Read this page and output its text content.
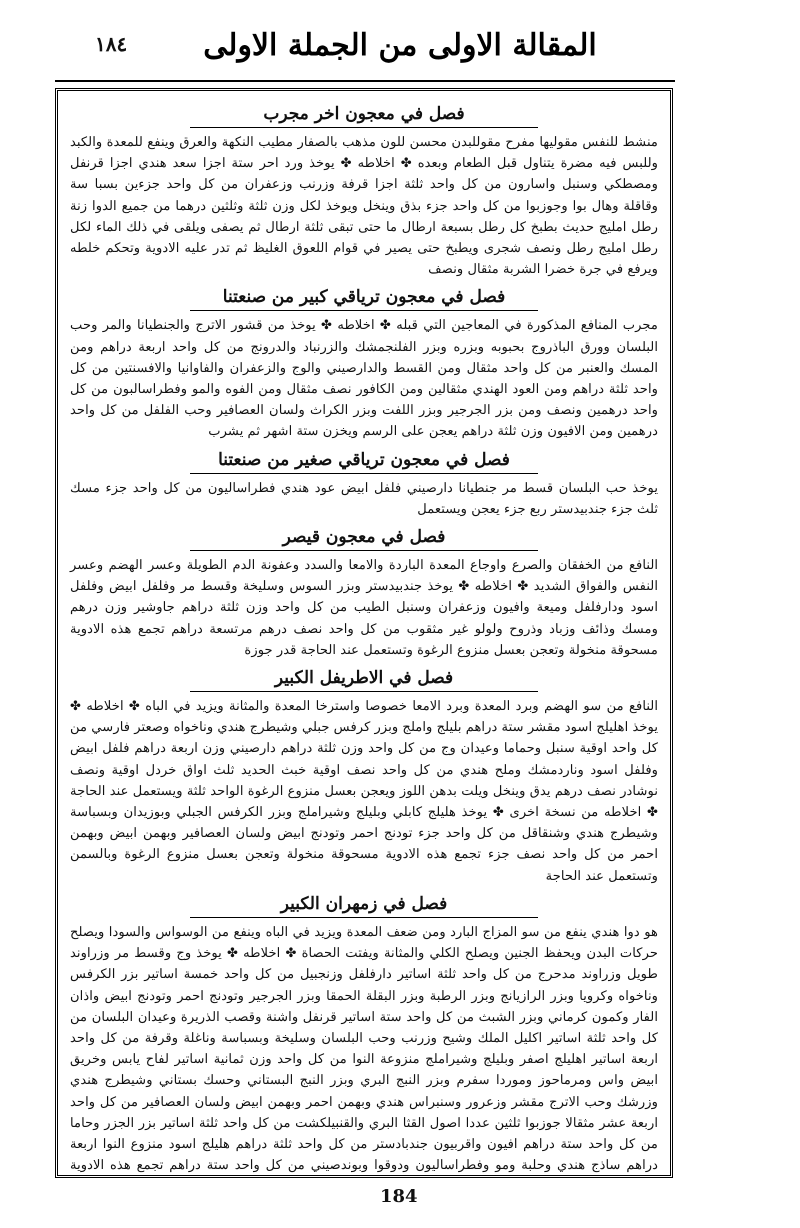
المقالة الاولى من الجملة الاولى
١٨٤
فصل في معجون اخر مجرب

منشط للنفس مقوليها مفرح مقوللبدن محسن للون مذهب بالصفار مطيب النكهة والعرق وينفع للمعدة والكبد وللبس فيه مضرة يتناول قبل الطعام وبعده ✤ اخلاطه ✤ يوخذ ورد احر ستة اجزا سعد هندي اجزا قرنفل ومصطكي وسنبل واسارون من كل واحد ثلثة اجزا قرفة وزرنب وزعفران من كل واحد جزءين بسبا سة وقاقلة وهال بوا وجوزبوا من كل واحد جزء بذق وينخل ويوخذ لكل وزن ثلثة وثلثين درهما من جميع الدوا زنة رطل امليج حديث بطبخ كل رطل بسبعة ارطال ما حتى تبقى ثلثة ارطال ثم يصفى ويلقى في ذلك الماء لكل رطل امليج رطل ونصف شجرى ويطبخ حتى يصير في قوام اللعوق الغليظ ثم تدر عليه الادوية وتحكم خلطه ويرفع في جرة خضرا الشربة مثقال ونصف

فصل في معجون ترياقي كبير من صنعتنا

مجرب المنافع المذكورة في المعاجين التي قبله ✤ اخلاطه ✤ يوخذ من قشور الاترج والجنطيانا والمر وحب البلسان وورق الباذروج بحبوبه وبزره وبزر الفلنجمشك والزرنباد والدرونج من كل واحد اربعة دراهم ومن المسك والعنبر من كل واحد مثقال ومن القسط والدارصيني والوج والزعفران والفاوانيا والافسنتين من كل واحد ثلثة دراهم ومن العود الهندي مثقالين ومن الكافور نصف مثقال ومن الفوه والمو وفطراسالبون من كل واحد درهمين ونصف ومن بزر الجرجير وبزر اللفت وبزر الكراث ولسان العصافير وحب الفلفل من كل واحد درهمين ومن الافيون وزن ثلثة دراهم يعجن على الرسم ويخزن ستة اشهر ثم يشرب

فصل في معجون ترياقي صغير من صنعتنا

يوخذ حب البلسان قسط مر جنطيانا دارصيني فلفل ابيض عود هندي فطراساليون من كل واحد جزء مسك ثلث جزء جندبيدستر ربع جزء يعجن ويستعمل

فصل في معجون قيصر

النافع من الخفقان والصرع واوجاع المعدة الباردة والامعا والسدد وعفونة الدم الطويلة وعسر الهضم وعسر النفس والفواق الشديد ✤ اخلاطه ✤ يوخذ جندبيدستر وبزر السوس وسليخة وقسط مر وفلفل ابيض وفلفل اسود ودارفلفل وميعة وافيون وزعفران وسنبل الطيب من كل واحد وزن ثلثة دراهم جاوشير وزن درهم ومسك وذائف وزباد وذروح ولولو غير مثقوب من كل واحد نصف درهم مرتسعة دراهم تجمع هذه الادوية مسحوقة منخولة وتعجن بعسل منزوع الرغوة وتستعمل عند الحاجة قدر جوزة

فصل في الاطريفل الكبير

النافع من سو الهضم وبرد المعدة وبرد الامعا خصوصا واسترخا المعدة والمثانة ويزيد في الباه ✤ اخلاطه ✤ يوخذ اهليلج اسود مقشر ستة دراهم بليلج واملج وبزر كرفس جبلي وشيطرج هندي وناخواه وصعتر فارسي من كل واحد اوقية سنبل وحماما وعيدان وج من كل واحد وزن ثلثة دراهم دارصيني وزن اربعة دراهم فلفل ابيض وفلفل اسود وناردمشك وملح هندي من كل واحد نصف اوقية خبث الحديد ثلث اواق خردل اوقية ونصف نوشادر نصف درهم يدق وينخل ويلت بدهن اللوز ويعجن بعسل منزوع الرغوة الواحد ثلثة ويستعمل عند الحاجة ✤ اخلاطه من نسخة اخرى ✤ يوخذ هليلج كابلي وبليلج وشيراملج وبزر الكرفس الجبلي وبوزيدان وبسباسة وشيطرج هندي وشنقاقل من كل واحد جزء تودنج احمر وتودنج ابيض ولسان العصافير وبهمن ابيض وبهمن احمر من كل واحد نصف جزء تجمع هذه الادوية مسحوقة منخولة وتعجن بعسل منزوع الرغوة وبالسمن وتستعمل عند الحاجة

فصل في زمهران الكبير

هو دوا هندي ينفع من سو المزاج البارد ومن ضعف المعدة ويزيد في الباه وينفع من الوسواس والسودا ويصلح حركات البدن ويحفظ الجنين ويصلح الكلي والمثانة ويفتت الحصاة ✤ اخلاطه ✤ يوخذ وج وقسط مر وزراوند طويل وزراوند مدحرج من كل واحد ثلثة اساتير دارفلفل وزنجبيل من كل واحد خمسة اساتير بزر الكرفس وناخواه وكرويا وبزر الرازيانج وبزر الرطبة وبزر البقلة الحمقا وبزر الجرجير وتودنج احمر وتودنج ابيض واذان الفار وكمون كرماني وبزر الشبث من كل واحد ستة اساتير قرنفل واشنة وقصب الذريرة وعيدان البلسان من كل واحد ثلثة اساتير اكليل الملك وشيح وزرنب وحب البلسان وسليخة وبسباسة وناغلة وقرفة من كل واحد اربعة اساتير اهليلج اصفر وبليلج وشيراملج منزوعة النوا من كل واحد وزن ثمانية اساتير لفاح يابس وخريق ابيض واس ومرماحوز وموردا سفرم وبزر النبج البري وبزر النبج البستاني وحسك بستاني وشيطرج هندي وزرشك وحب الاترج مقشر وزعرور وسنبراس هندي وبهمن احمر وبهمن ابيض ولسان العصافير من كل واحد اربعة عشر مثقالا جوزبوا ثلثين عددا اصول القثا البري والقنبيلكشت من كل واحد ثلثة اساتير بزر الجزر وحاما من كل واحد ستة دراهم افيون واقربيون جندبادستر من كل واحد ثلثة دراهم هليلج اسود منزوع النوا اربعة دراهم ساذج هندي وحلبة ومو وفطراساليون ودوقوا وبوندصيني من كل واحد ستة دراهم تجمع هذه الادوية

184
